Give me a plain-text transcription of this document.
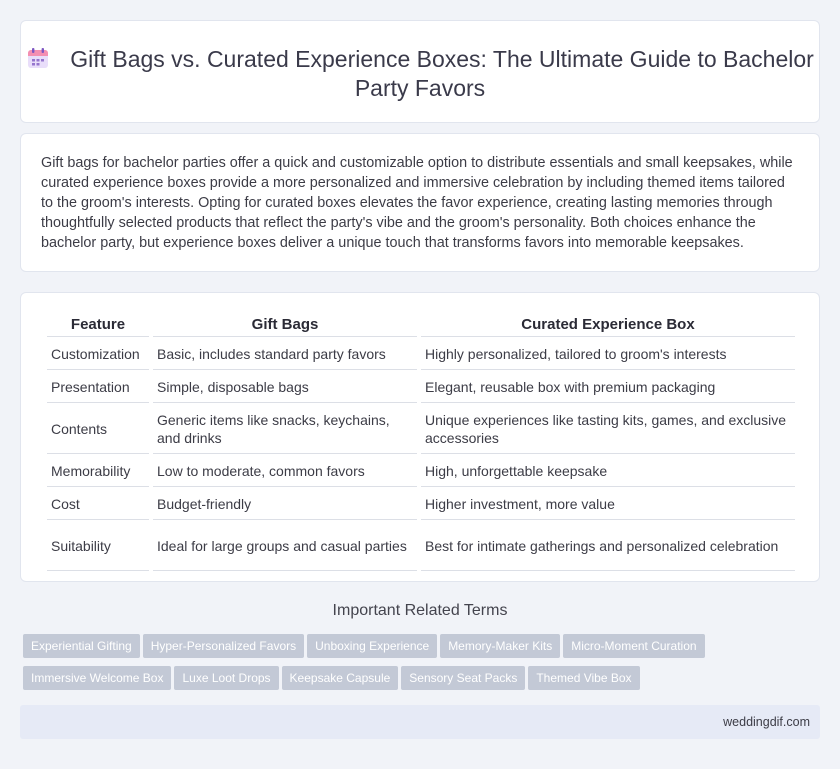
Gift Bags vs. Curated Experience Boxes: The Ultimate Guide to Bachelor Party Favors

Gift bags for bachelor parties offer a quick and customizable option to distribute essentials and small keepsakes, while curated experience boxes provide a more personalized and immersive celebration by including themed items tailored to the groom's interests. Opting for curated boxes elevates the favor experience, creating lasting memories through thoughtfully selected products that reflect the party's vibe and the groom's personality. Both choices enhance the bachelor party, but experience boxes deliver a unique touch that transforms favors into memorable keepsakes.

Feature	Gift Bags	Curated Experience Box
Customization	Basic, includes standard party favors	Highly personalized, tailored to groom's interests
Presentation	Simple, disposable bags	Elegant, reusable box with premium packaging
Contents	Generic items like snacks, keychains, and drinks	Unique experiences like tasting kits, games, and exclusive accessories
Memorability	Low to moderate, common favors	High, unforgettable keepsake
Cost	Budget-friendly	Higher investment, more value
Suitability	Ideal for large groups and casual parties	Best for intimate gatherings and personalized celebration
Important Related Terms
Experiential Gifting Hyper-Personalized Favors Unboxing Experience Memory-Maker Kits Micro-Moment Curation
Immersive Welcome Box Luxe Loot Drops Keepsake Capsule Sensory Seat Packs Themed Vibe Box
weddingdif.com
